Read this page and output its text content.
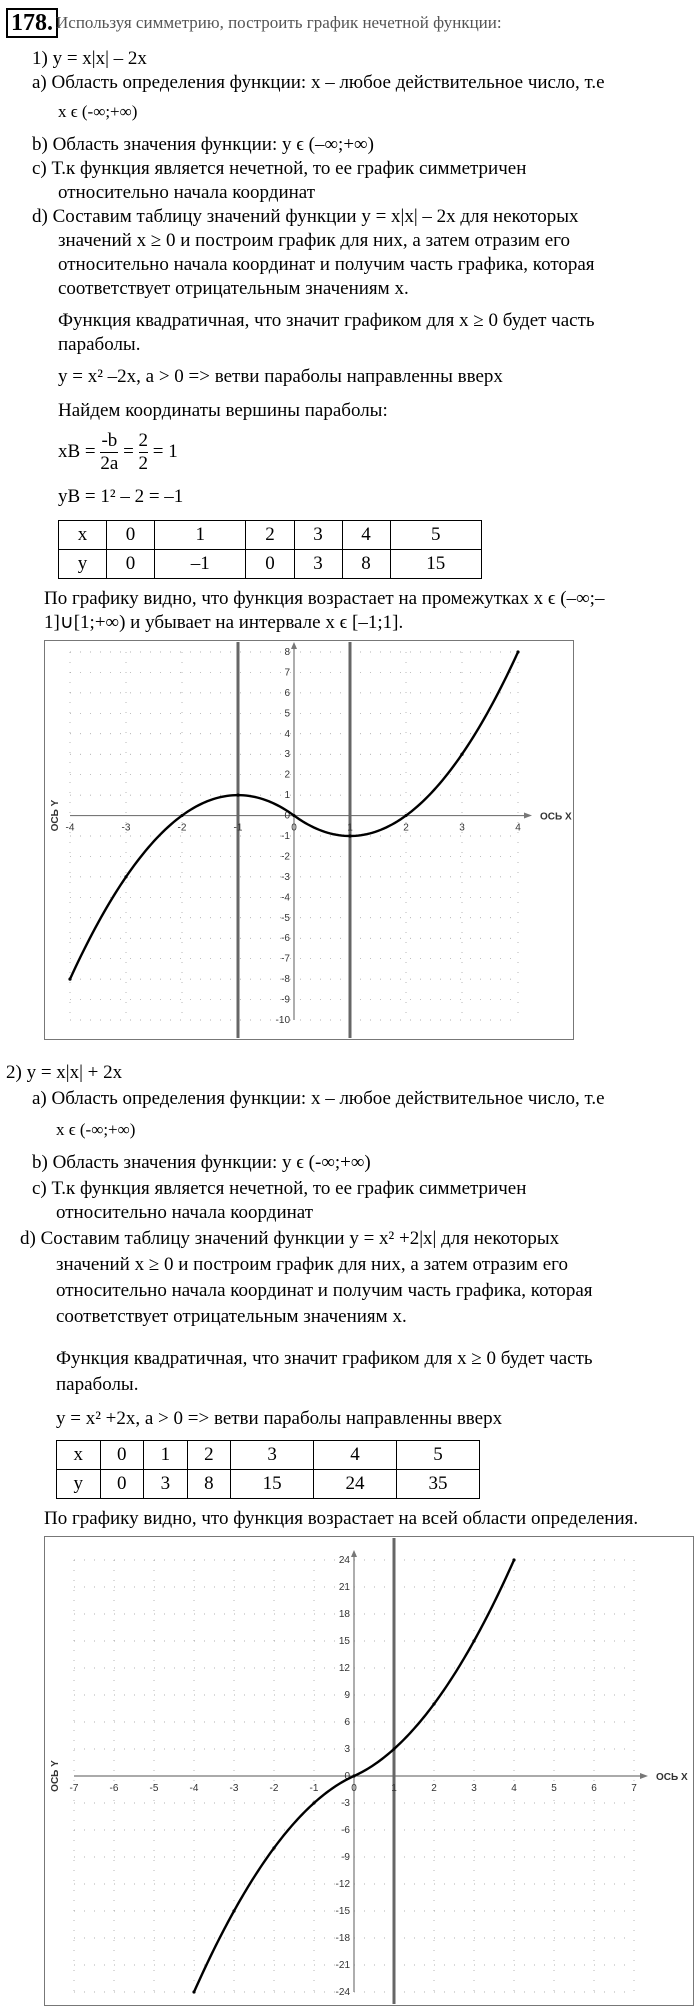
178. Используя симметрию, построить график нечетной функции:
1) y = x|x| – 2x
a) Область определения функции: x – любое действительное число, т.е
x ϵ (-∞;+∞)
b) Область значения функции: y ϵ (–∞;+∞)
c) Т.к функция является нечетной, то ее график симметричен
относительно начала координат
d) Составим таблицу значений функции y = x|x| – 2x для некоторых
значений x ≥ 0 и построим график для них, а затем отразим его
относительно начала координат и получим часть графика, которая
соответствует отрицательным значениям x.
Функция квадратичная, что значит графиком для x ≥ 0 будет часть
параболы.
y = x² –2x, a > 0 => ветви параболы направленны вверх
Найдем координаты вершины параболы:
xB = $\frac{-b}{2a} = \frac{2}{2} = 1$
yB = 1² – 2 = –1
x	0	1	2	3	4	5
y	0	–1	0	3	8	15
По графику видно, что функция возрастает на промежутках x ϵ (–∞;–
1]∪[1;+∞) и убывает на интервале x ϵ [–1;1].
-4	-3	-2	-1	0	1	2	3	4
8
7
6
5
4
3
2
1
0
-1
-2
-3
-4
-5
-6
-7
-8
-9
-10
ОСЬ X
ОСЬ Y
2) y = x|x| + 2x
a) Область определения функции: x – любое действительное число, т.е
x ϵ (-∞;+∞)
b) Область значения функции: y ϵ (-∞;+∞)
c) Т.к функция является нечетной, то ее график симметричен
относительно начала координат
d) Составим таблицу значений функции y = x² +2|x| для некоторых
значений x ≥ 0 и построим график для них, а затем отразим его
относительно начала координат и получим часть графика, которая
соответствует отрицательным значениям x.
Функция квадратичная, что значит графиком для x ≥ 0 будет часть
параболы.
y = x² +2x, a > 0 => ветви параболы направленны вверх
x	0	1	2	3	4	5
y	0	3	8	15	24	35
По графику видно, что функция возрастает на всей области определения.
-7	-6	-5	-4	-3	-2	-1	0	1	2	3	4	5	6	7
24
21
18
15
12
9
6
3
0
-3
-6
-9
-12
-15
-18
-21
-24
ОСЬ X
ОСЬ Y
